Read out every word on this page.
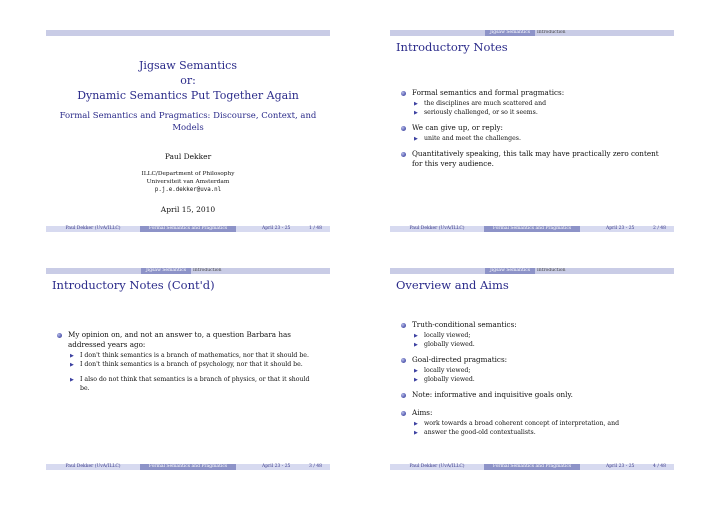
Jigsaw Semantics
or:
Dynamic Semantics Put Together Again
Formal Semantics and Pragmatics: Discourse, Context, and
Models
Paul Dekker
ILLC/Department of Philosophy
Universiteit van Amsterdam
p.j.e.dekker@uva.nl
April 15, 2010
Paul Dekker (UvA/ILLC)	Formal Semantics and Pragmatics	April 23 - 25	1 / 48
Jigsaw Semantics	Introduction
Introductory Notes
Formal semantics and formal pragmatics:
▶ the disciplines are much scattered and
▶ seriously challenged, or so it seems.
We can give up, or reply:
▶ unite and meet the challenges.
Quantitatively speaking, this talk may have practically zero content for this very audience.
Paul Dekker (UvA/ILLC)	Formal Semantics and Pragmatics	April 23 - 25	2 / 48
Jigsaw Semantics	Introduction
Introductory Notes (Cont'd)
My opinion on, and not an answer to, a question Barbara has addressed years ago:
▶ I don't think semantics is a branch of mathematics, nor that it should be.
▶ I don't think semantics is a branch of psychology, nor that it should be.
▶ I also do not think that semantics is a branch of physics, or that it should be.
Paul Dekker (UvA/ILLC)	Formal Semantics and Pragmatics	April 23 - 25	3 / 48
Jigsaw Semantics	Introduction
Overview and Aims
Truth-conditional semantics:
▶ locally viewed;
▶ globally viewed.
Goal-directed pragmatics:
▶ locally viewed;
▶ globally viewed.
Note: informative and inquisitive goals only.
Aims:
▶ work towards a broad coherent concept of interpretation, and
▶ answer the good-old contextualists.
Paul Dekker (UvA/ILLC)	Formal Semantics and Pragmatics	April 23 - 25	4 / 48
